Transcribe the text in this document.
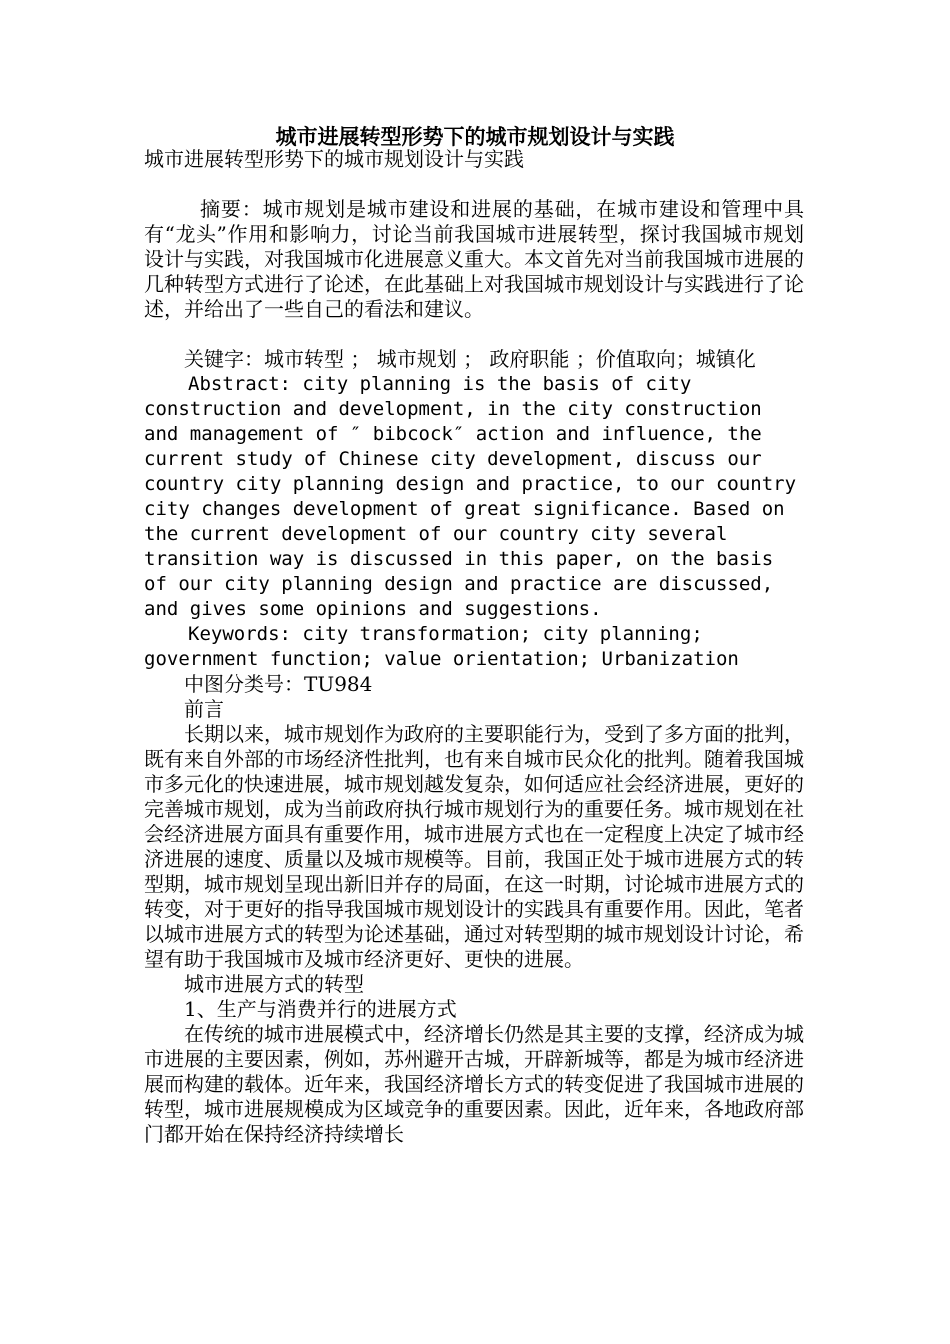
城市进展转型形势下的城市规划设计与实践

城市进展转型形势下的城市规划设计与实践

摘要：城市规划是城市建设和进展的基础，在城市建设和管理中具有“龙头”作用和影响力，讨论当前我国城市进展转型，探讨我国城市规划设计与实践，对我国城市化进展意义重大。本文首先对当前我国城市进展的几种转型方式进行了论述，在此基础上对我国城市规划设计与实践进行了论述，并给出了一些自己的看法和建议。

关键字：城市转型 ； 城市规划 ； 政府职能 ；价值取向；城镇化

Abstract: city planning is the basis of city construction and development, in the city construction and management of ″ bibcock″ action and influence, the current study of Chinese city development, discuss our country city planning design and practice, to our country city changes development of great significance. Based on the current development of our country city several transition way is discussed in this paper, on the basis of our city planning design and practice are discussed, and gives some opinions and suggestions.

Keywords: city transformation; city planning; government function; value orientation; Urbanization

中图分类号：TU984

前言

长期以来，城市规划作为政府的主要职能行为，受到了多方面的批判，既有来自外部的市场经济性批判，也有来自城市民众化的批判。随着我国城市多元化的快速进展，城市规划越发复杂，如何适应社会经济进展，更好的完善城市规划，成为当前政府执行城市规划行为的重要任务。城市规划在社会经济进展方面具有重要作用，城市进展方式也在一定程度上决定了城市经济进展的速度、质量以及城市规模等。目前，我国正处于城市进展方式的转型期，城市规划呈现出新旧并存的局面，在这一时期，讨论城市进展方式的转变，对于更好的指导我国城市规划设计的实践具有重要作用。因此，笔者以城市进展方式的转型为论述基础，通过对转型期的城市规划设计讨论，希望有助于我国城市及城市经济更好、更快的进展。

城市进展方式的转型

1、生产与消费并行的进展方式

在传统的城市进展模式中，经济增长仍然是其主要的支撑，经济成为城市进展的主要因素，例如，苏州避开古城，开辟新城等，都是为城市经济进展而构建的载体。近年来，我国经济增长方式的转变促进了我国城市进展的转型，城市进展规模成为区域竞争的重要因素。因此，近年来，各地政府部门都开始在保持经济持续增长
